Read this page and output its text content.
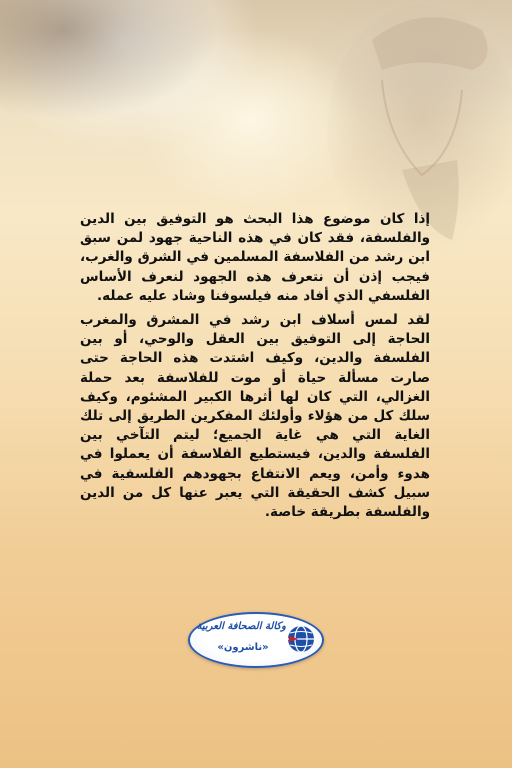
إذا كان موضوع هذا البحث هو التوفيق بين الدين والفلسفة، فقد كان في هذه الناحية جهود لمن سبق ابن رشد من الفلاسفة المسلمين في الشرق والغرب، فيجب إذن أن نتعرف هذه الجهود لنعرف الأساس الفلسفي الذي أفاد منه فيلسوفنا وشاد عليه عمله.

لقد لمس أسلاف ابن رشد في المشرق والمغرب الحاجة إلى التوفيق بين العقل والوحي، أو بين الفلسفة والدين، وكيف اشتدت هذه الحاجة حتى صارت مسألة حياة أو موت للفلاسفة بعد حملة الغزالي، التي كان لها أثرها الكبير المشئوم، وكيف سلك كل من هؤلاء وأولئك المفكرين الطريق إلى تلك الغاية التي هي غاية الجميع؛ ليتم التآخي بين الفلسفة والدين، فيستطيع الفلاسفة أن يعملوا في هدوء وأمن، ويعم الانتفاع بجهودهم الفلسفية في سبيل كشف الحقيقة التي يعبر عنها كل من الدين والفلسفة بطريقة خاصة.

وكالة الصحافة العربية
«ناشرون»
